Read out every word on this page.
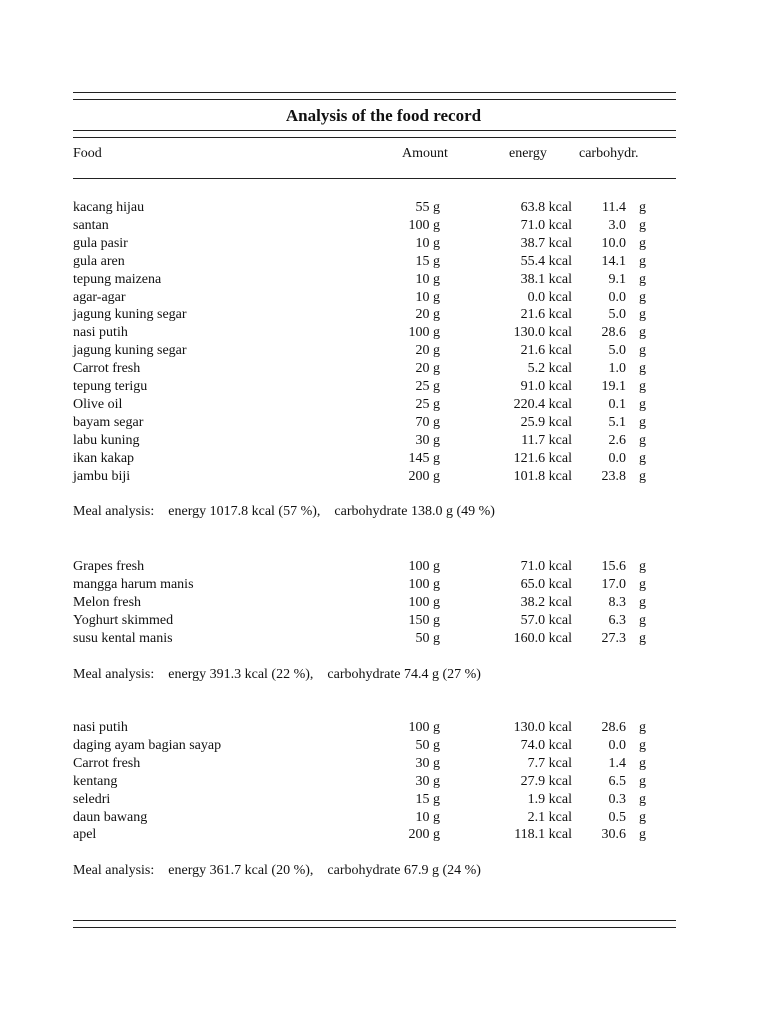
Analysis of the food record
Food	Amount	energy carbohydr.
kacang hijau	55 g	63.8 kcal 11.4 g
santan	100 g	71.0 kcal	3.0 g
gula pasir	10 g	38.7 kcal 10.0 g
gula aren	15 g	55.4 kcal 14.1 g
tepung maizena	10 g	38.1 kcal	9.1 g
agar-agar	10 g	0.0 kcal	0.0 g
jagung kuning segar	20 g	21.6 kcal	5.0 g
nasi putih	100 g	130.0 kcal 28.6 g
jagung kuning segar	20 g	21.6 kcal	5.0 g
Carrot fresh	20 g	5.2 kcal	1.0 g
tepung terigu	25 g	91.0 kcal 19.1 g
Olive oil	25 g	220.4 kcal	0.1 g
bayam segar	70 g	25.9 kcal	5.1 g
labu kuning	30 g	11.7 kcal	2.6 g
ikan kakap	145 g	121.6 kcal	0.0 g
jambu biji	200 g	101.8 kcal 23.8 g
Meal analysis: energy 1017.8 kcal (57 %), carbohydrate 138.0 g (49 %)
Grapes fresh	100 g	71.0 kcal 15.6 g
mangga harum manis	100 g	65.0 kcal 17.0 g
Melon fresh	100 g	38.2 kcal	8.3 g
Yoghurt skimmed	150 g	57.0 kcal	6.3 g
susu kental manis	50 g	160.0 kcal 27.3 g
Meal analysis: energy 391.3 kcal (22 %), carbohydrate 74.4 g (27 %)
nasi putih	100 g	130.0 kcal 28.6 g
daging ayam bagian sayap	50 g	74.0 kcal	0.0 g
Carrot fresh	30 g	7.7 kcal	1.4 g
kentang	30 g	27.9 kcal	6.5 g
seledri	15 g	1.9 kcal	0.3 g
daun bawang	10 g	2.1 kcal	0.5 g
apel	200 g	118.1 kcal 30.6 g
Meal analysis: energy 361.7 kcal (20 %), carbohydrate 67.9 g (24 %)
